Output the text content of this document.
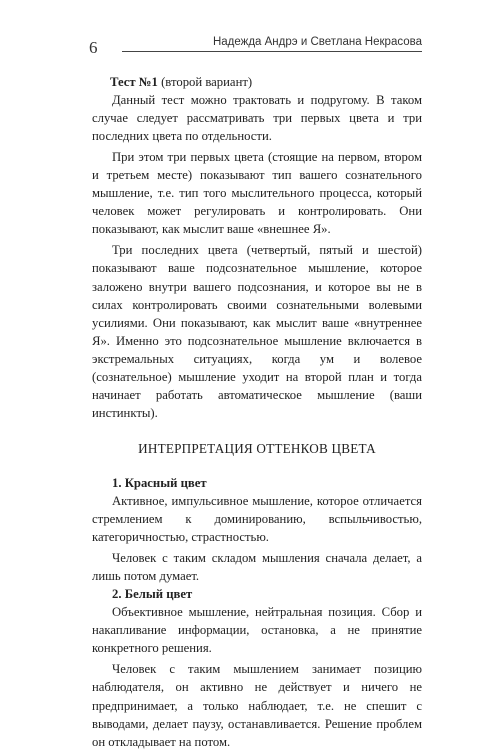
6	Надежда Андрэ и Светлана Некрасова

Тест №1 (второй вариант)

Данный тест можно трактовать и подругому. В таком случае следует рассматривать три первых цвета и три последних цвета по отдельности.

При этом три первых цвета (стоящие на первом, втором и третьем месте) показывают тип вашего сознательного мышление, т.е. тип того мыслительного процесса, который человек может регулировать и контролировать. Они показывают, как мыслит ваше «внешнее Я».

Три последних цвета (четвертый, пятый и шестой) показывают ваше подсознательное мышление, которое заложено внутри вашего подсознания, и которое вы не в силах контролировать своими сознательными волевыми усилиями. Они показывают, как мыслит ваше «внутреннее Я». Именно это подсознательное мышление включается в экстремальных ситуациях, когда ум и волевое (сознательное) мышление уходит на второй план и тогда начинает работать автоматическое мышление (ваши инстинкты).

ИНТЕРПРЕТАЦИЯ ОТТЕНКОВ ЦВЕТА

1. Красный цвет

Активное, импульсивное мышление, которое отличается стремлением к доминированию, вспыльчивостью, категоричностью, страстностью.

Человек с таким складом мышления сначала делает, а лишь потом думает.

2. Белый цвет

Объективное мышление, нейтральная позиция. Сбор и накапливание информации, остановка, а не принятие конкретного решения.

Человек с таким мышлением занимает позицию наблюдателя, он активно не действует и ничего не предпринимает, а только наблюдает, т.е. не спешит с выводами, делает паузу, останавливается. Решение проблем он откладывает на потом.
